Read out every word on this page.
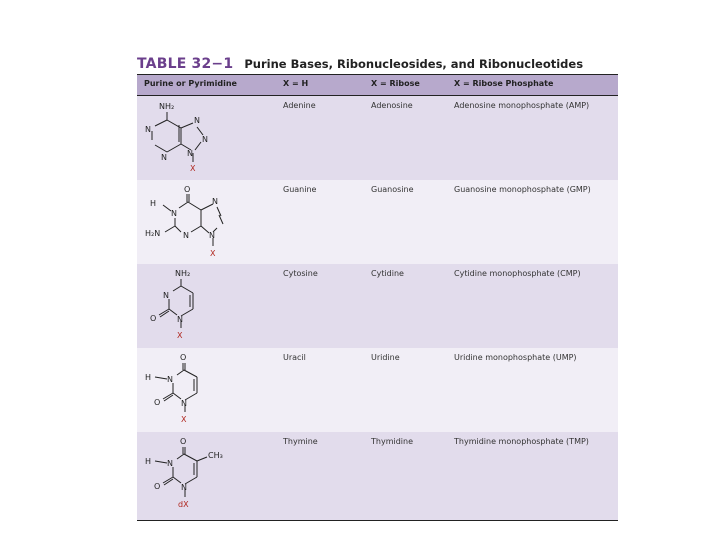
TABLE 32−1 Purine Bases, Ribonucleosides, and Ribonucleotides
Purine or Pyrimidine	X = H	X = Ribose	X = Ribose Phosphate
NH₂
N
N
N
N
N
X
Adenine	Adenosine	Adenosine monophosphate (AMP)
O
H
N
H₂N	N
N
N
X
Guanine	Guanosine	Guanosine monophosphate (GMP)
NH₂
N
O	N
X
Cytosine	Cytidine	Cytidine monophosphate (CMP)
O
H N
O	N
X
Uracil	Uridine	Uridine monophosphate (UMP)
O
H N
CH₃
O	N
dX
Thymine	Thymidine	Thymidine monophosphate (TMP)
